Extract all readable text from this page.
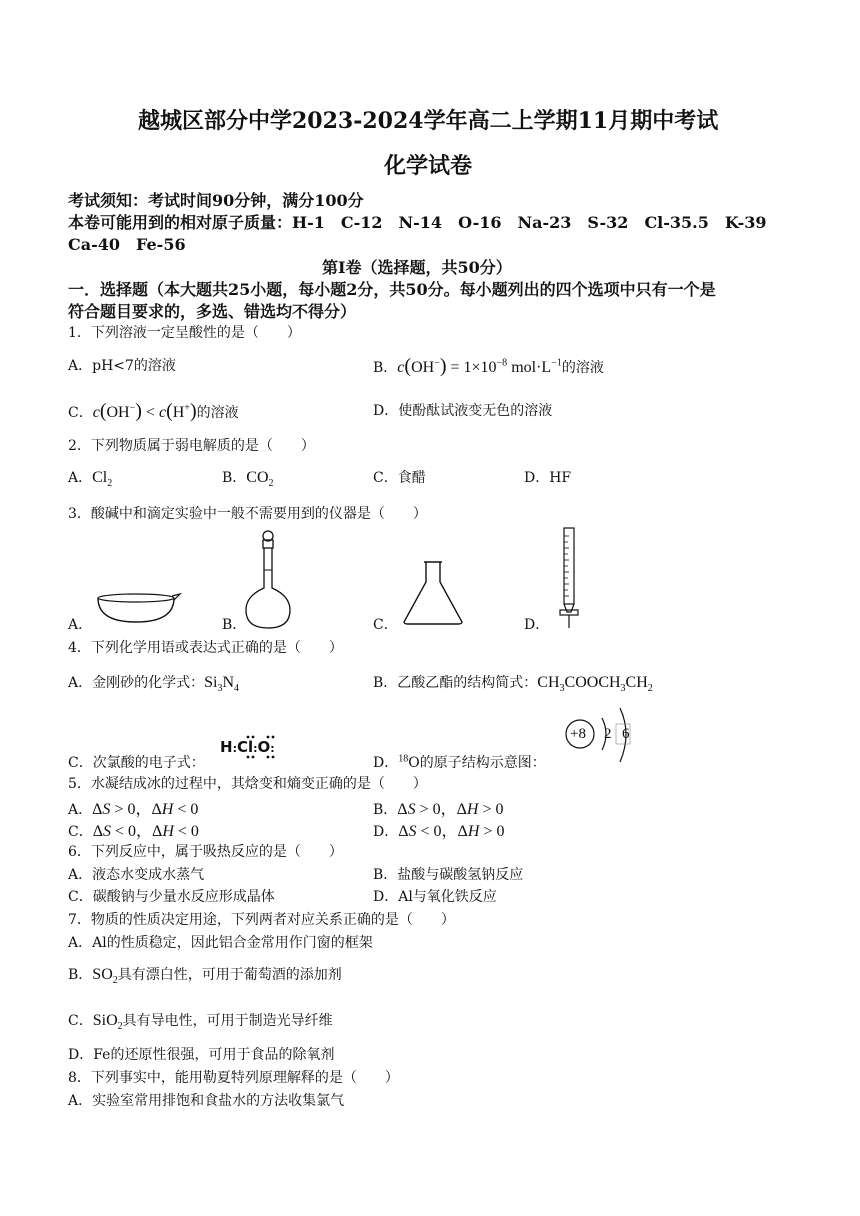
越城区部分中学2023-2024学年高二上学期11月期中考试
化学试卷
考试须知：考试时间90分钟，满分100分
本卷可能用到的相对原子质量：H-1　C-12　N-14　O-16　Na-23　S-32　Cl-35.5　K-39
Ca-40　Fe-56
第Ⅰ卷（选择题，共50分）
一．选择题（本大题共25小题，每小题2分，共50分。每小题列出的四个选项中只有一个是
符合题目要求的，多选、错选均不得分）
1．下列溶液一定呈酸性的是（　　）
A．pH<7的溶液	B．$c(OH^-) = 1\times 10^{-8}$ $mol\cdot L^{-1}$的溶液
C．c(OH−) < c(H+)的溶液	D．使酚酞试液变无色的溶液
2．下列物质属于弱电解质的是（　　）
A．$Cl_2$	B．$CO_2$	C．食醋	D．HF
3．酸碱中和滴定实验中一般不需要用到的仪器是（　　）
A．	B．	C．	D．
4．下列化学用语或表达式正确的是（　　）
A．金刚砂的化学式：$Si_3N_4$	B．乙酸乙酯的结构简式：$CH_3COOCH_3CH_2$
C．次氯酸的电子式：
H:Cl:O:
D．$^{18}$O的原子结构示意图：
+8 2 6
5．水凝结成冰的过程中，其焓变和熵变正确的是（　　）
A．ΔS > 0，ΔH < 0	B．ΔS > 0，ΔH > 0
C．ΔS < 0，ΔH < 0	D．ΔS < 0，ΔH > 0
6．下列反应中，属于吸热反应的是（　　）
A．液态水变成水蒸气	B．盐酸与碳酸氢钠反应
C．碳酸钠与少量水反应形成晶体	D．Al与氧化铁反应
7．物质的性质决定用途，下列两者对应关系正确的是（　　）
A．Al的性质稳定，因此铝合金常用作门窗的框架
B．$SO_2$具有漂白性，可用于葡萄酒的添加剂
C．SiO$_2$具有导电性，可用于制造光导纤维
D．Fe的还原性很强，可用于食品的除氧剂
8．下列事实中，能用勒夏特列原理解释的是（　　）
A．实验室常用排饱和食盐水的方法收集氯气
